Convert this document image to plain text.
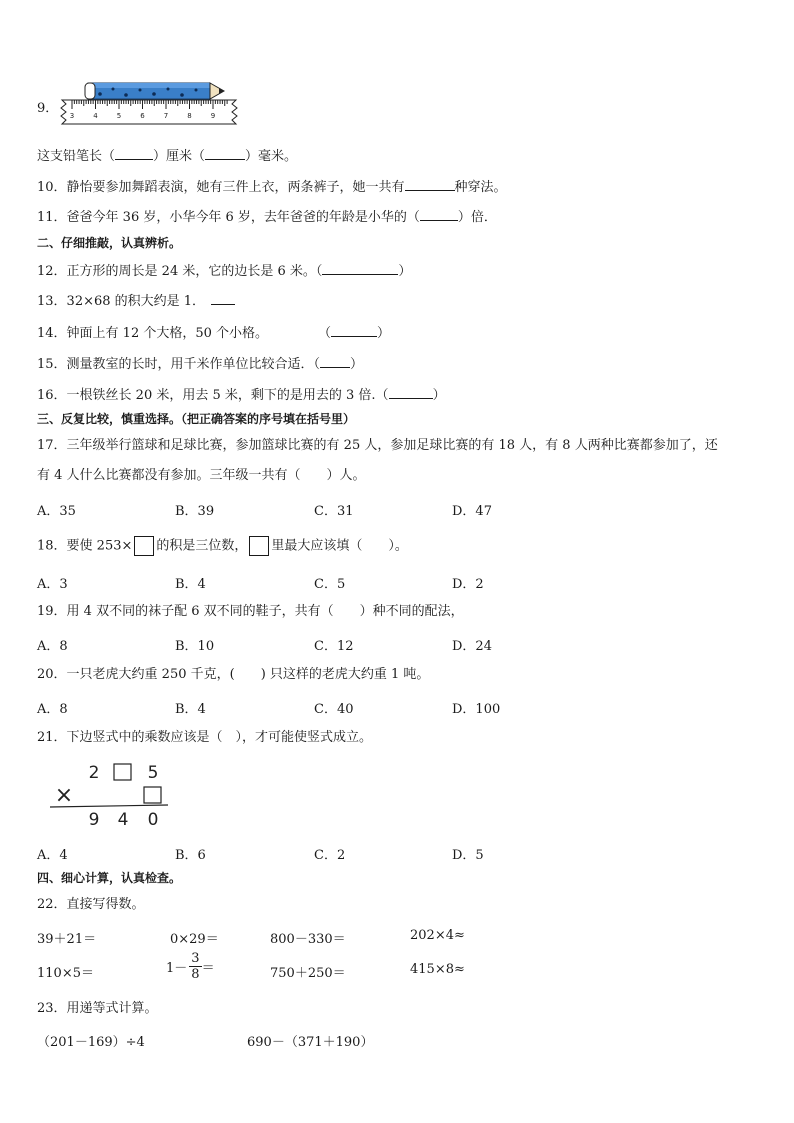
9． 3	4	5	6	7	8	9
这支铅笔长（	）厘米（	）毫米。
10．静怡要参加舞蹈表演，她有三件上衣，两条裤子，她一共有	种穿法。
11．爸爸今年 36 岁，小华今年 6 岁，去年爸爸的年龄是小华的（	）倍．
二、仔细推敲，认真辨析。
12．正方形的周长是 24 米，它的边长是 6 米。（	）
13．32×68 的积大约是 1．
14．钟面上有 12 个大格，50 个小格。	（	）
15．测量教室的长时，用千米作单位比较合适．（ ）
16．一根铁丝长 20 米，用去 5 米，剩下的是用去的 3 倍.（	）
三、反复比较，慎重选择。（把正确答案的序号填在括号里）
17．三年级举行篮球和足球比赛，参加篮球比赛的有 25 人，参加足球比赛的有 18 人，有 8 人两种比赛都参加了，还
有 4 人什么比赛都没有参加。三年级一共有（　　）人。
A．35	B．39	C．31	D．47
18．要使 253× 的积是三位数， 里最大应该填（　　）。
A．3	B．4	C．5	D．2
19．用 4 双不同的袜子配 6 双不同的鞋子，共有（　　）种不同的配法，
A．8	B．10	C．12	D．24
20．一只老虎大约重 250 千克，(　　) 只这样的老虎大约重 1 吨。
A．8	B．4	C．40	D．100
21．下边竖式中的乘数应该是（　），才可能使竖式成立。
2	5
×
9 4 0
A．4	B．6	C．2	D．5
四、细心计算，认真检查。
22．直接写得数。
39＋21＝	0×29＝	800－330＝	202×4≈
110×5＝	$1- \frac{3}{8}$ ＝	750＋250＝	415×8≈
23．用递等式计算。
（201－169）÷4	690－（371＋190）
